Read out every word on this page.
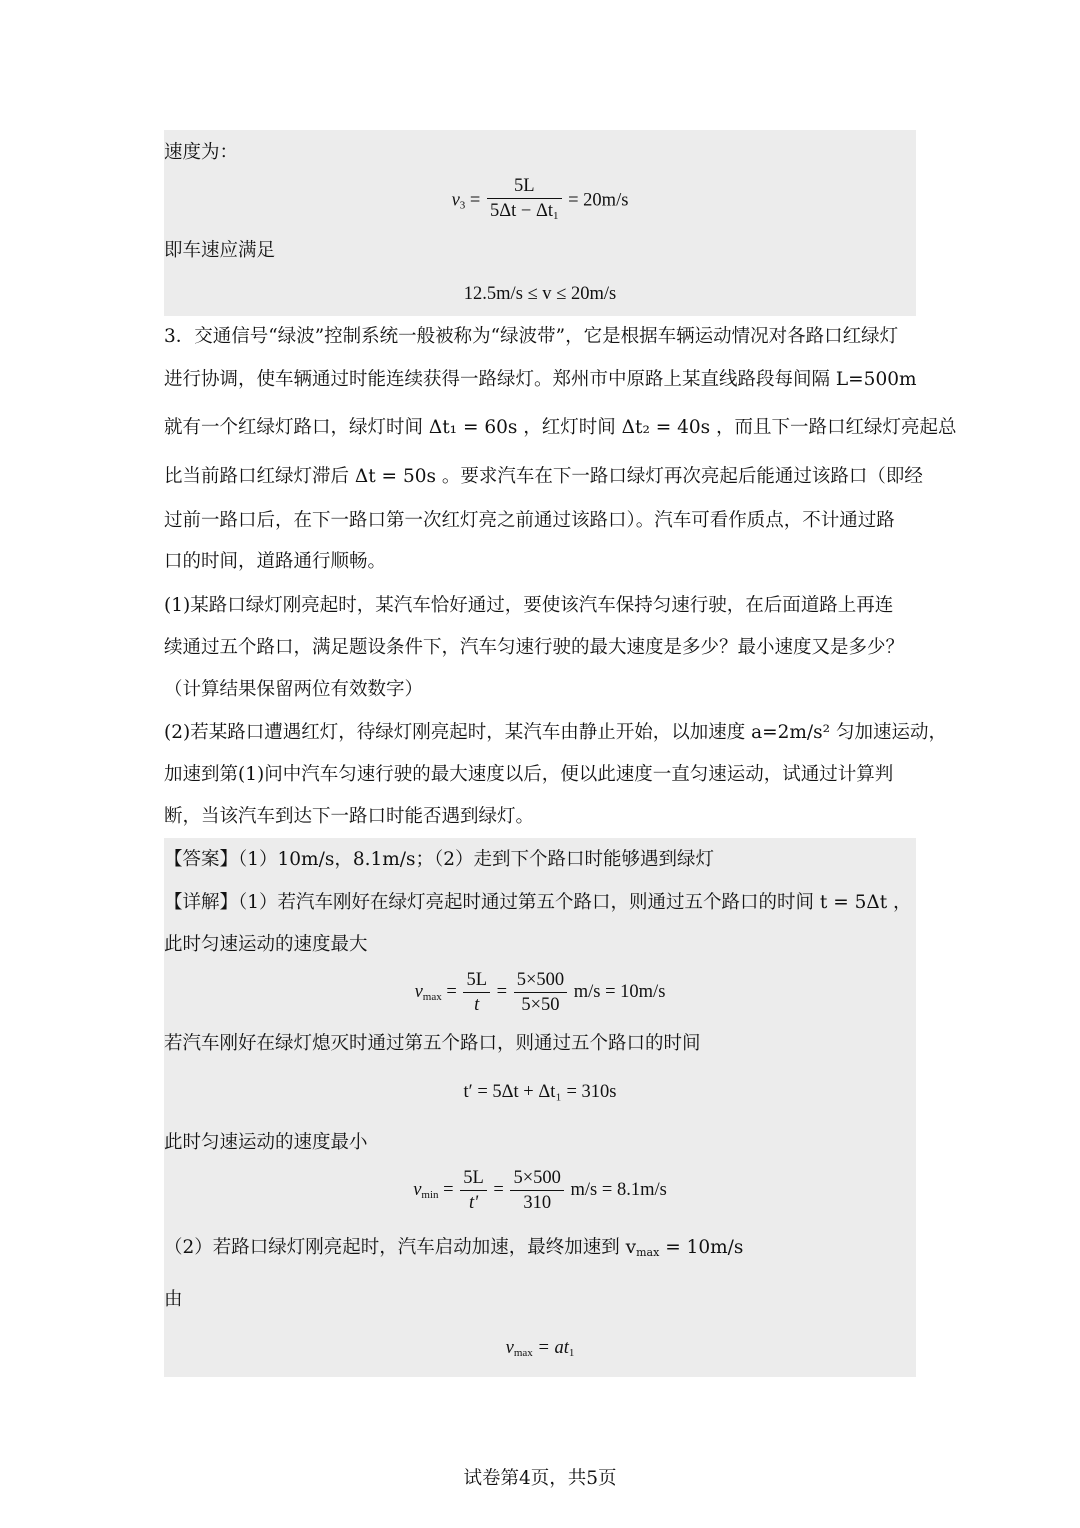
速度为：
$v_3 = \frac{5L}{5\Delta t - \Delta t_1} = 20m/s$
即车速应满足
12.5m/s ≤ v ≤ 20m/s
3．交通信号“绿波”控制系统一般被称为“绿波带”，它是根据车辆运动情况对各路口红绿灯
进行协调，使车辆通过时能连续获得一路绿灯。郑州市中原路上某直线路段每间隔 L=500m
就有一个红绿灯路口，绿灯时间 Δt₁ = 60s ，红灯时间 Δt₂ = 40s ，而且下一路口红绿灯亮起总
比当前路口红绿灯滞后 Δt = 50s 。要求汽车在下一路口绿灯再次亮起后能通过该路口（即经
过前一路口后，在下一路口第一次红灯亮之前通过该路口）。汽车可看作质点，不计通过路
口的时间，道路通行顺畅。
(1)某路口绿灯刚亮起时，某汽车恰好通过，要使该汽车保持匀速行驶，在后面道路上再连
续通过五个路口，满足题设条件下，汽车匀速行驶的最大速度是多少？最小速度又是多少？
（计算结果保留两位有效数字）
(2)若某路口遭遇红灯，待绿灯刚亮起时，某汽车由静止开始，以加速度 a=2m/s² 匀加速运动，
加速到第(1)问中汽车匀速行驶的最大速度以后，便以此速度一直匀速运动，试通过计算判
断，当该汽车到达下一路口时能否遇到绿灯。
【答案】（1）10m/s，8.1m/s；（2）走到下个路口时能够遇到绿灯
【详解】（1）若汽车刚好在绿灯亮起时通过第五个路口，则通过五个路口的时间 t = 5Δt ，
此时匀速运动的速度最大
$v_{max} = \frac{5L}{t} = \frac{5\times 500}{5\times 50} m/s = 10m/s$
若汽车刚好在绿灯熄灭时通过第五个路口，则通过五个路口的时间
t′ = 5Δt + Δt₁ = 310s
此时匀速运动的速度最小
$v_{min} = \frac{5L}{t'} = \frac{5\times 500}{310} m/s = 8.1m/s$
（2）若路口绿灯刚亮起时，汽车启动加速，最终加速到 $v_{max} = 10m/s$
由
$v_{max} = at_1$
试卷第4页，共5页
